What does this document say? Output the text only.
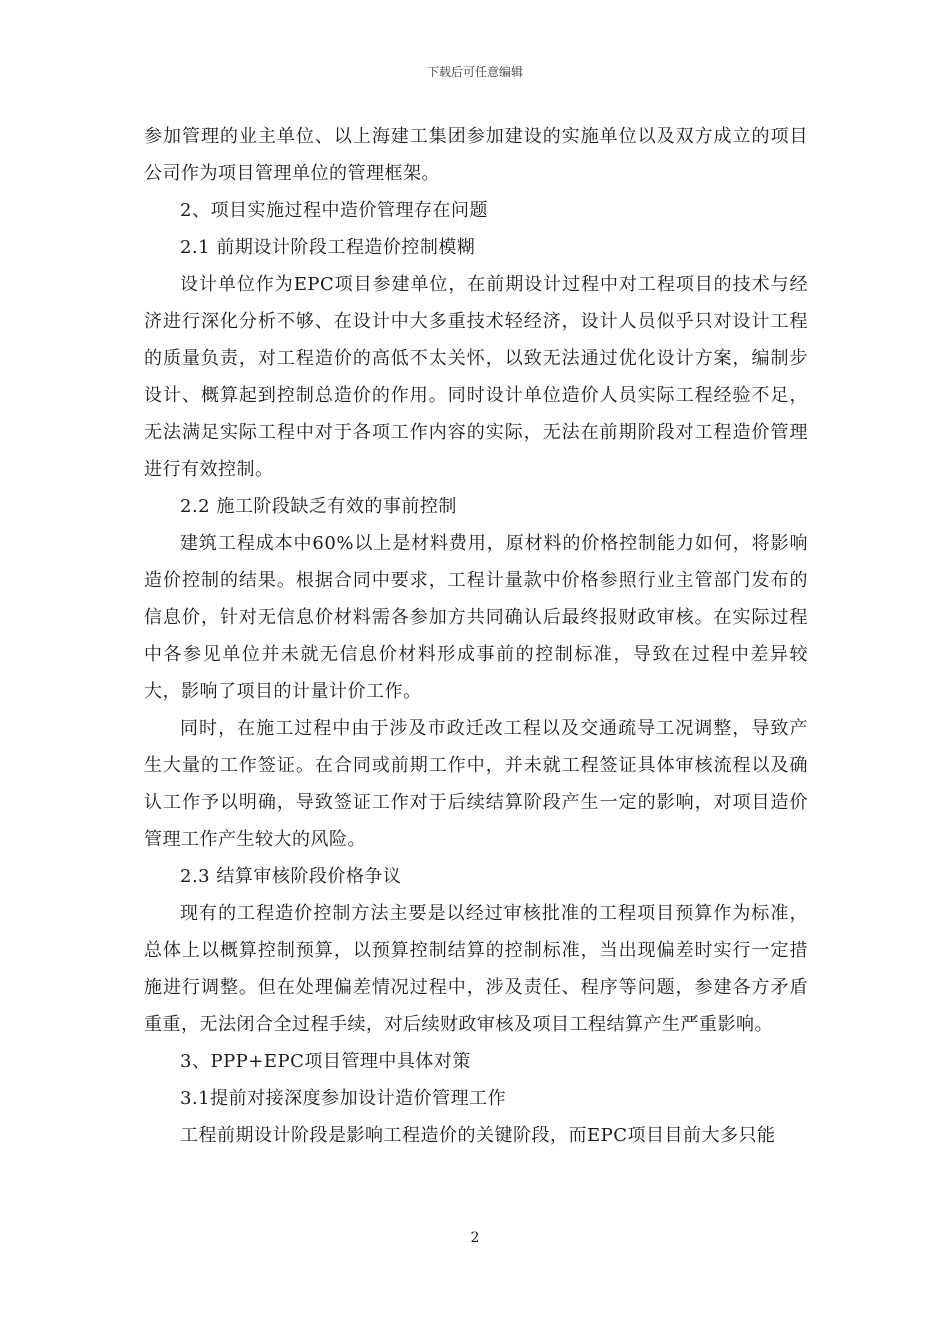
下载后可任意编辑

参加管理的业主单位、以上海建工集团参加建设的实施单位以及双方成立的项目公司作为项目管理单位的管理框架。

2、项目实施过程中造价管理存在问题

2.1 前期设计阶段工程造价控制模糊

设计单位作为EPC项目参建单位，在前期设计过程中对工程项目的技术与经济进行深化分析不够、在设计中大多重技术轻经济，设计人员似乎只对设计工程的质量负责，对工程造价的高低不太关怀，以致无法通过优化设计方案，编制步设计、概算起到控制总造价的作用。同时设计单位造价人员实际工程经验不足，无法满足实际工程中对于各项工作内容的实际，无法在前期阶段对工程造价管理进行有效控制。

2.2 施工阶段缺乏有效的事前控制

建筑工程成本中60%以上是材料费用，原材料的价格控制能力如何，将影响造价控制的结果。根据合同中要求，工程计量款中价格参照行业主管部门发布的信息价，针对无信息价材料需各参加方共同确认后最终报财政审核。在实际过程中各参见单位并未就无信息价材料形成事前的控制标准，导致在过程中差异较大，影响了项目的计量计价工作。

同时，在施工过程中由于涉及市政迁改工程以及交通疏导工况调整，导致产生大量的工作签证。在合同或前期工作中，并未就工程签证具体审核流程以及确认工作予以明确，导致签证工作对于后续结算阶段产生一定的影响，对项目造价管理工作产生较大的风险。

2.3 结算审核阶段价格争议

现有的工程造价控制方法主要是以经过审核批准的工程项目预算作为标准，总体上以概算控制预算，以预算控制结算的控制标准，当出现偏差时实行一定措施进行调整。但在处理偏差情况过程中，涉及责任、程序等问题，参建各方矛盾重重，无法闭合全过程手续，对后续财政审核及项目工程结算产生严重影响。

3、PPP+EPC项目管理中具体对策

3.1提前对接深度参加设计造价管理工作

工程前期设计阶段是影响工程造价的关键阶段，而EPC项目目前大多只能

2
